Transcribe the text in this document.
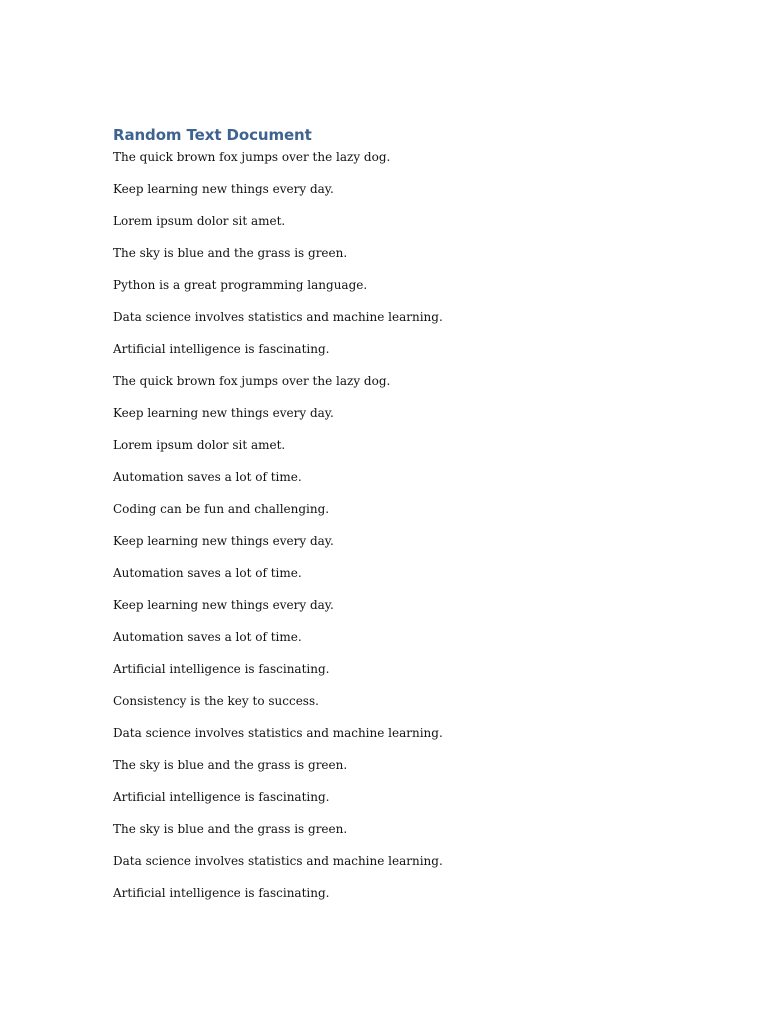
Random Text Document
The quick brown fox jumps over the lazy dog.
Keep learning new things every day.
Lorem ipsum dolor sit amet.
The sky is blue and the grass is green.
Python is a great programming language.
Data science involves statistics and machine learning.
Artificial intelligence is fascinating.
The quick brown fox jumps over the lazy dog.
Keep learning new things every day.
Lorem ipsum dolor sit amet.
Automation saves a lot of time.
Coding can be fun and challenging.
Keep learning new things every day.
Automation saves a lot of time.
Keep learning new things every day.
Automation saves a lot of time.
Artificial intelligence is fascinating.
Consistency is the key to success.
Data science involves statistics and machine learning.
The sky is blue and the grass is green.
Artificial intelligence is fascinating.
The sky is blue and the grass is green.
Data science involves statistics and machine learning.
Artificial intelligence is fascinating.
